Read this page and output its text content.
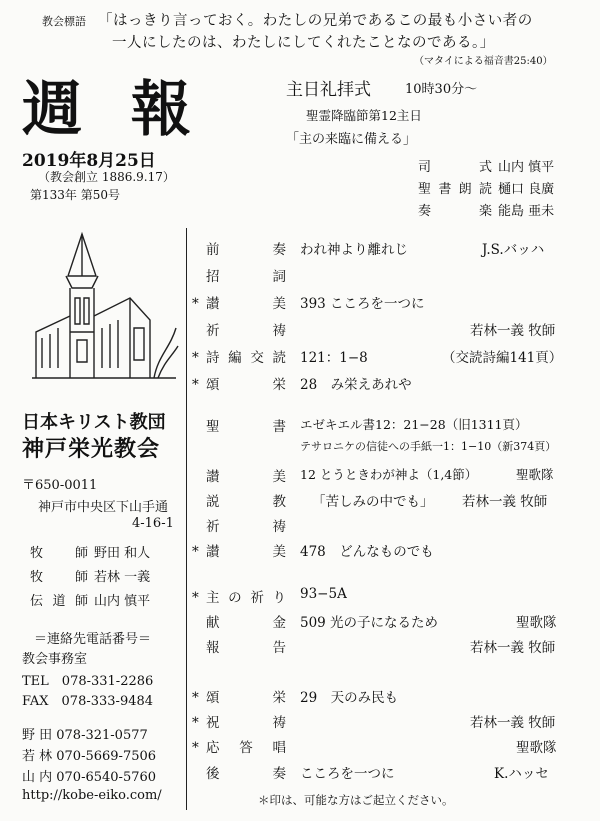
教会標語 「はっきり言っておく。わたしの兄弟であるこの最も小さい者の
一人にしたのは、わたしにしてくれたことなのである。」
（マタイによる福音書25:40）
週 報
2019年8月25日
（教会創立 1886.9.17）
第133年 第50号
主日礼拝式	10時30分～
聖霊降臨節第12主日
「主の来臨に備える」
司式 山内 慎平
聖書朗読 樋口 良廣
奏楽 能島 亜未
日本キリスト教団
神戸栄光教会
〒650-0011
神戸市中央区下山手通
4-16-1
牧師 野田 和人
牧師 若林 一義
伝道師 山内 慎平
＝連絡先電話番号＝
教会事務室
TEL　078-331-2286
FAX　078-333-9484
野 田 078-321-0577
若 林 070-5669-7506
山 内 070-6540-5760
http://kobe-eiko.com/
前奏 われ神より離れじ	J.S.バッハ
招詞
* 讃美 393 こころを一つに
祈祷	若林一義 牧師
* 詩編交読 121：1−8	（交読詩編141頁）
* 頌栄 28　み栄えあれや
聖書 エゼキエル書12：21−28（旧1311頁）
テサロニケの信徒への手紙一1：1−10（新374頁）
讃美 12 とうときわが神よ（1,4節）	聖歌隊
説教 「苦しみの中でも」 若林一義 牧師
祈祷
* 讃美 478　どんなものでも
* 主の祈り 93−5A
献金 509 光の子になるため	聖歌隊
報告	若林一義 牧師
* 頌栄 29　天のみ民も
* 祝祷	若林一義 牧師
* 応答唱	聖歌隊
後奏 こころを一つに	K.ハッセ
＊印は、可能な方はご起立ください。
